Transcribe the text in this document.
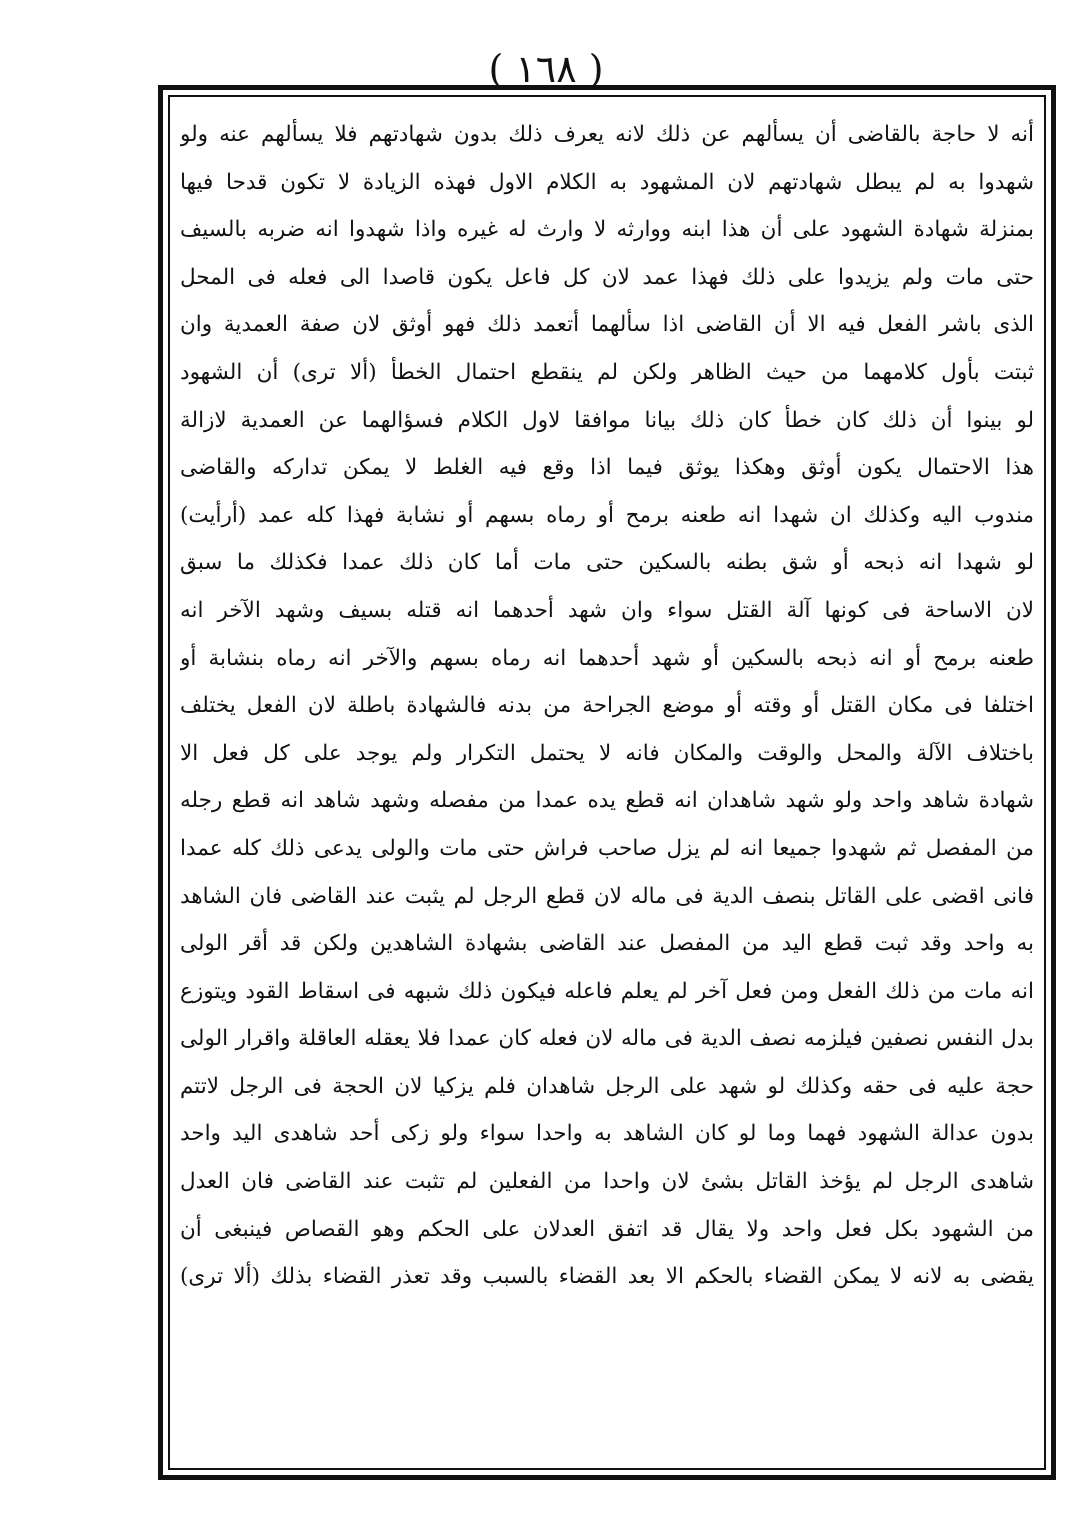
( ١٦٨ )
أنه لا حاجة بالقاضى أن يسألهم عن ذلك لانه يعرف ذلك بدون شهادتهم فلا يسألهم عنه ولو
شهدوا به لم يبطل شهادتهم لان المشهود به الكلام الاول فهذه الزيادة لا تكون قدحا فيها
بمنزلة شهادة الشهود على أن هذا ابنه ووارثه لا وارث له غيره واذا شهدوا انه ضربه بالسيف
حتى مات ولم يزيدوا على ذلك فهذا عمد لان كل فاعل يكون قاصدا الى فعله فى المحل
الذى باشر الفعل فيه الا أن القاضى اذا سألهما أتعمد ذلك فهو أوثق لان صفة العمدية وان
ثبتت بأول كلامهما من حيث الظاهر ولكن لم ينقطع احتمال الخطأ (ألا ترى) أن الشهود
لو بينوا أن ذلك كان خطأ كان ذلك بيانا موافقا لاول الكلام فسؤالهما عن العمدية لازالة
هذا الاحتمال يكون أوثق وهكذا يوثق فيما اذا وقع فيه الغلط لا يمكن تداركه والقاضى
مندوب اليه وكذلك ان شهدا انه طعنه برمح أو رماه بسهم أو نشابة فهذا كله عمد (أرأيت)
لو شهدا انه ذبحه أو شق بطنه بالسكين حتى مات أما كان ذلك عمدا فكذلك ما سبق
لان الاساحة فى كونها آلة القتل سواء وان شهد أحدهما انه قتله بسيف وشهد الآخر انه
طعنه برمح أو انه ذبحه بالسكين أو شهد أحدهما انه رماه بسهم والآخر انه رماه بنشابة أو
اختلفا فى مكان القتل أو وقته أو موضع الجراحة من بدنه فالشهادة باطلة لان الفعل يختلف
باختلاف الآلة والمحل والوقت والمكان فانه لا يحتمل التكرار ولم يوجد على كل فعل الا
شهادة شاهد واحد ولو شهد شاهدان انه قطع يده عمدا من مفصله وشهد شاهد انه قطع رجله
من المفصل ثم شهدوا جميعا انه لم يزل صاحب فراش حتى مات والولى يدعى ذلك كله عمدا
فانى اقضى على القاتل بنصف الدية فى ماله لان قطع الرجل لم يثبت عند القاضى فان الشاهد
به واحد وقد ثبت قطع اليد من المفصل عند القاضى بشهادة الشاهدين ولكن قد أقر الولى
انه مات من ذلك الفعل ومن فعل آخر لم يعلم فاعله فيكون ذلك شبهه فى اسقاط القود ويتوزع
بدل النفس نصفين فيلزمه نصف الدية فى ماله لان فعله كان عمدا فلا يعقله العاقلة واقرار الولى
حجة عليه فى حقه وكذلك لو شهد على الرجل شاهدان فلم يزكيا لان الحجة فى الرجل لاتتم
بدون عدالة الشهود فهما وما لو كان الشاهد به واحدا سواء ولو زكى أحد شاهدى اليد واحد
شاهدى الرجل لم يؤخذ القاتل بشئ لان واحدا من الفعلين لم تثبت عند القاضى فان العدل
من الشهود بكل فعل واحد ولا يقال قد اتفق العدلان على الحكم وهو القصاص فينبغى أن
يقضى به لانه لا يمكن القضاء بالحكم الا بعد القضاء بالسبب وقد تعذر القضاء بذلك (ألا ترى)
